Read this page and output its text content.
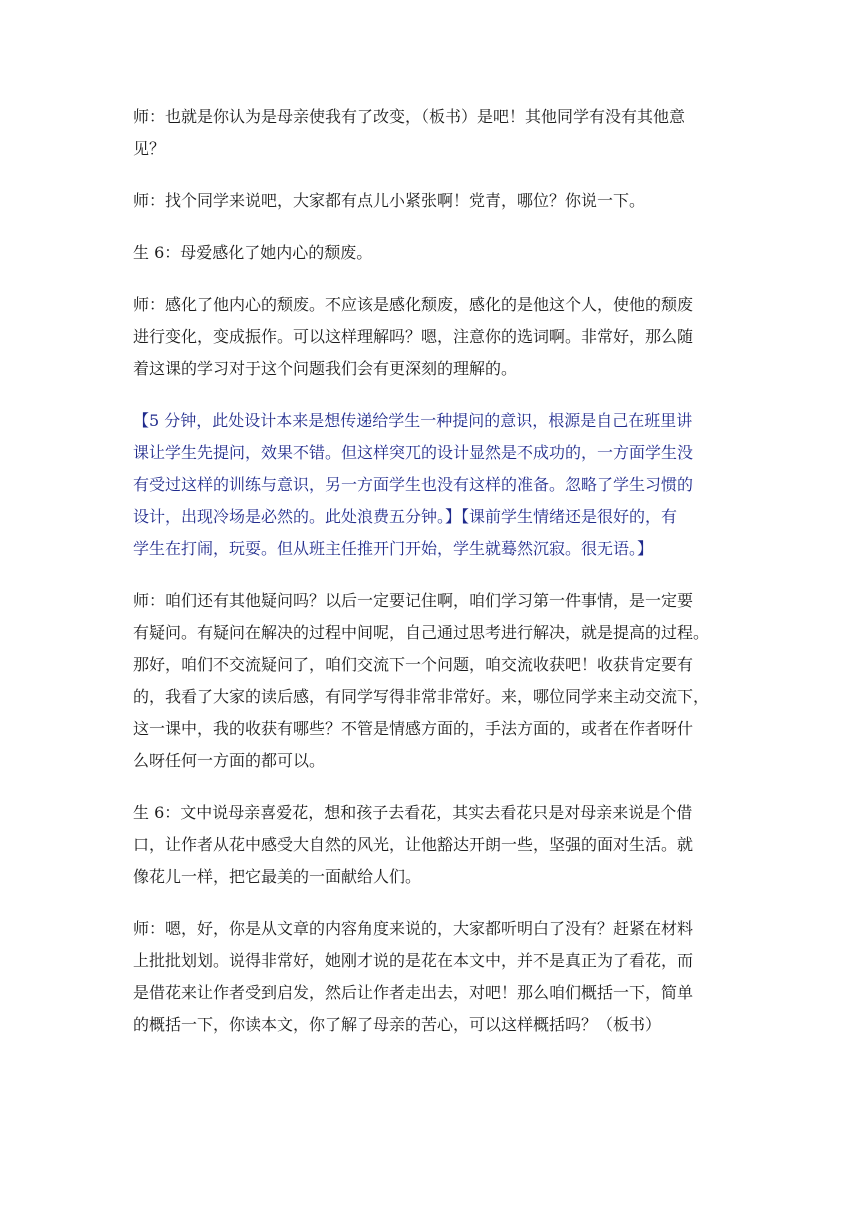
师：也就是你认为是母亲使我有了改变，（板书）是吧！其他同学有没有其他意
见？
师：找个同学来说吧，大家都有点儿小紧张啊！党青，哪位？你说一下。
生 6：母爱感化了她内心的颓废。
师：感化了他内心的颓废。不应该是感化颓废，感化的是他这个人，使他的颓废
进行变化，变成振作。可以这样理解吗？嗯，注意你的选词啊。非常好，那么随
着这课的学习对于这个问题我们会有更深刻的理解的。
【5 分钟，此处设计本来是想传递给学生一种提问的意识，根源是自己在班里讲
课让学生先提问，效果不错。但这样突兀的设计显然是不成功的，一方面学生没
有受过这样的训练与意识，另一方面学生也没有这样的准备。忽略了学生习惯的
设计，出现冷场是必然的。此处浪费五分钟。】【课前学生情绪还是很好的，有
学生在打闹，玩耍。但从班主任推开门开始，学生就蓦然沉寂。很无语。】
师：咱们还有其他疑问吗？以后一定要记住啊，咱们学习第一件事情，是一定要
有疑问。有疑问在解决的过程中间呢，自己通过思考进行解决，就是提高的过程。
那好，咱们不交流疑问了，咱们交流下一个问题，咱交流收获吧！收获肯定要有
的，我看了大家的读后感，有同学写得非常非常好。来，哪位同学来主动交流下，
这一课中，我的收获有哪些？不管是情感方面的，手法方面的，或者在作者呀什
么呀任何一方面的都可以。
生 6：文中说母亲喜爱花，想和孩子去看花，其实去看花只是对母亲来说是个借
口，让作者从花中感受大自然的风光，让他豁达开朗一些，坚强的面对生活。就
像花儿一样，把它最美的一面献给人们。
师：嗯，好，你是从文章的内容角度来说的，大家都听明白了没有？赶紧在材料
上批批划划。说得非常好，她刚才说的是花在本文中，并不是真正为了看花，而
是借花来让作者受到启发，然后让作者走出去，对吧！那么咱们概括一下，简单
的概括一下，你读本文，你了解了母亲的苦心，可以这样概括吗？（板书）
